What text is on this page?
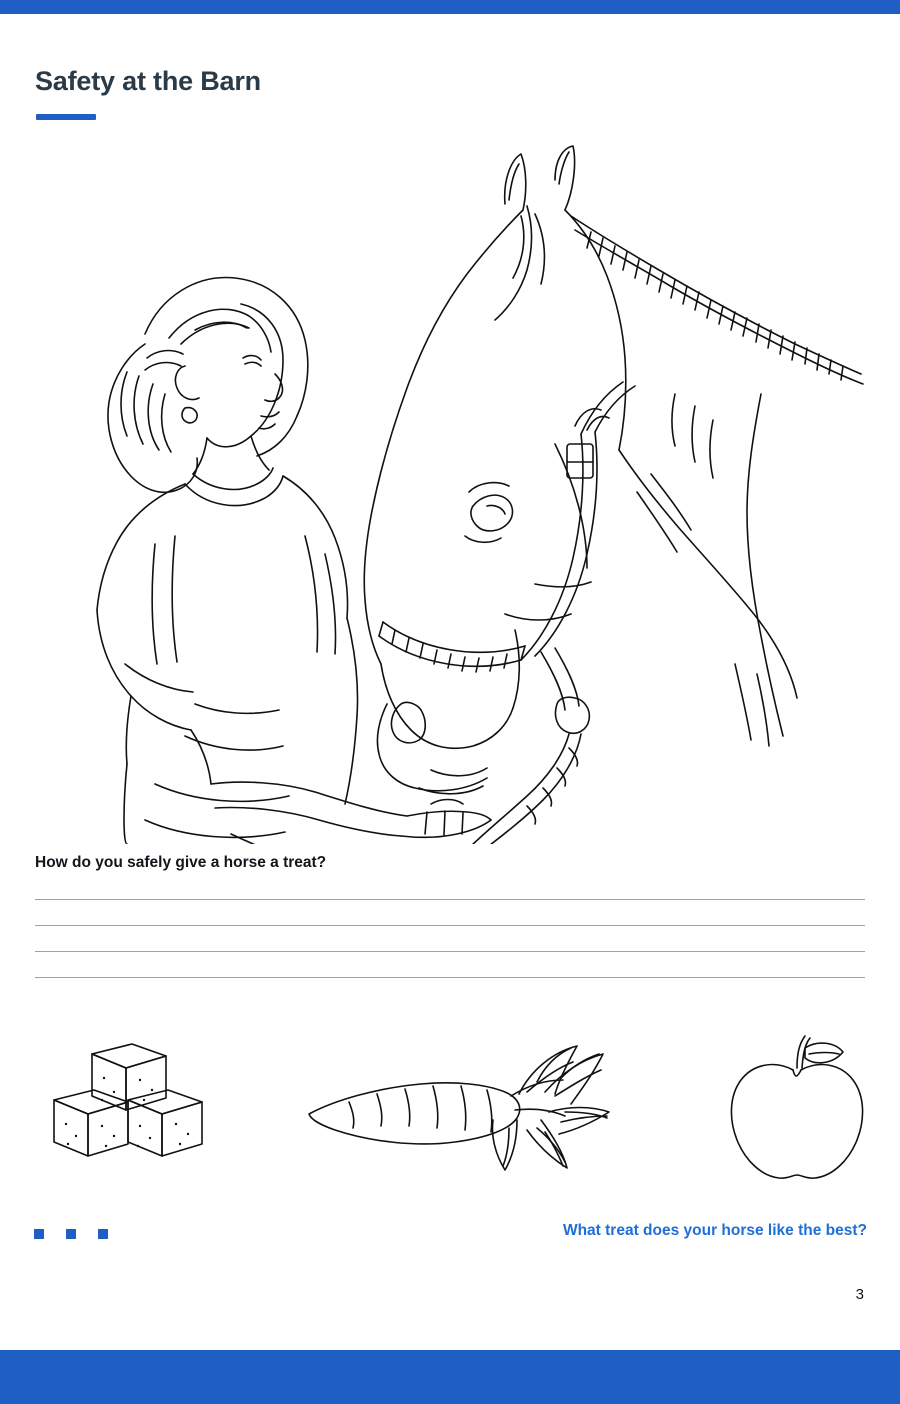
Safety at the Barn
How do you safely give a horse a treat?
What treat does your horse like the best?
3
